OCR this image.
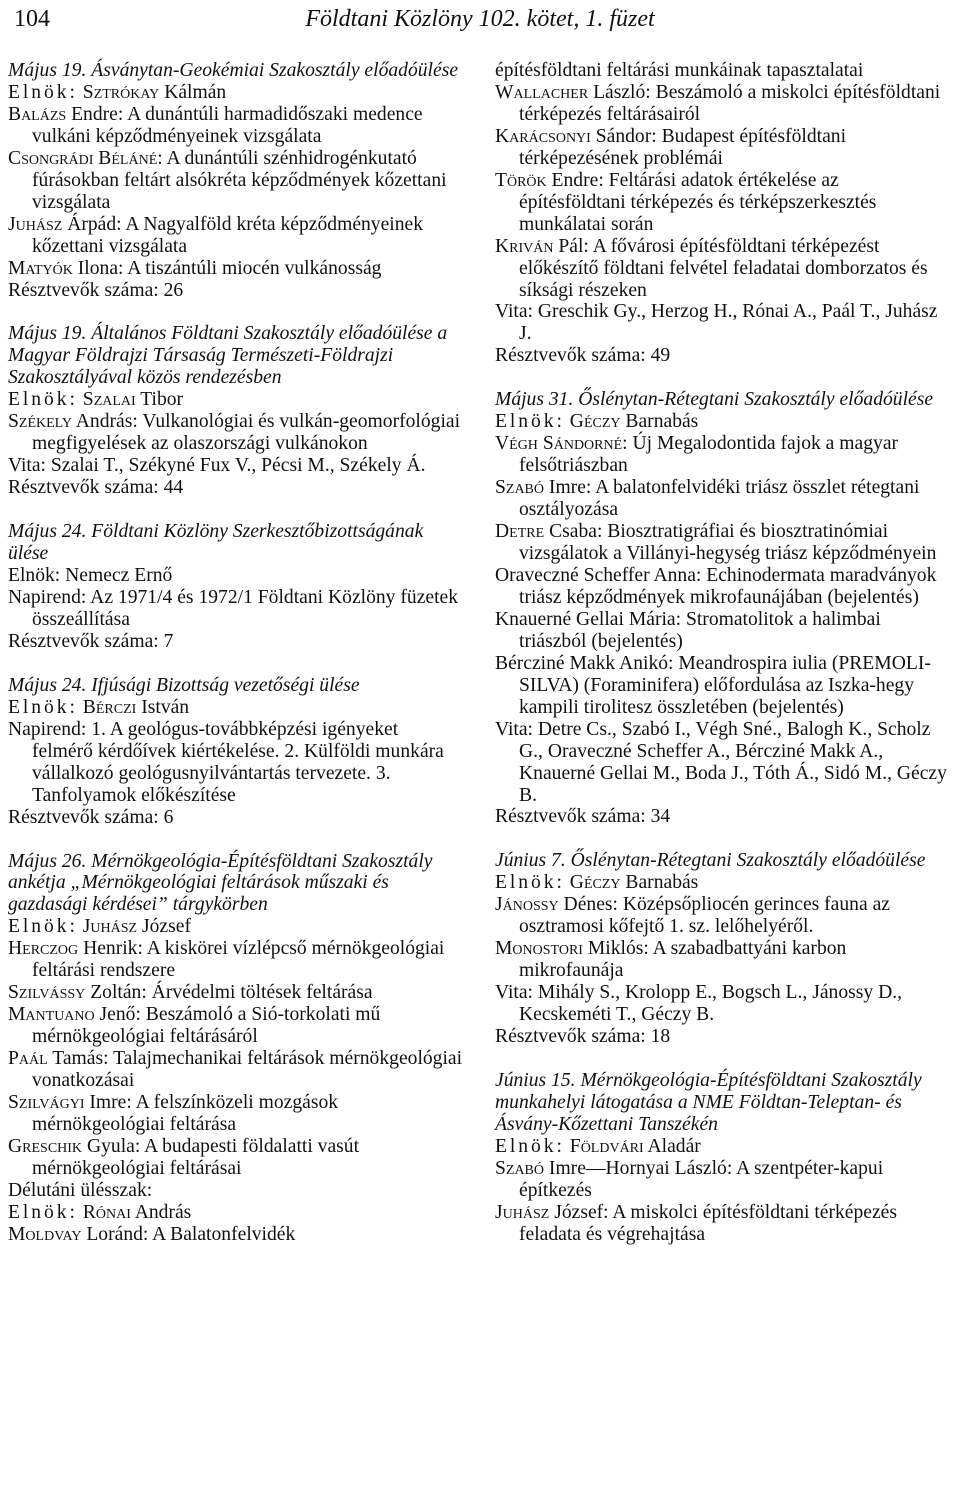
104	Földtani Közlöny 102. kötet, 1. füzet

Május 19. Ásványtan-Geokémiai Szakosztály előadóülése

Elnök: Sztrókay Kálmán

Balázs Endre: A dunántúli harmadidőszaki medence vulkáni képződményeinek vizsgálata

Csongrádi Béláné: A dunántúli szénhidrogénkutató fúrásokban feltárt alsókréta képződmények kőzettani vizsgálata

Juhász Árpád: A Nagyalföld kréta képződményeinek kőzettani vizsgálata

Matyók Ilona: A tiszántúli miocén vulkánosság

Résztvevők száma: 26

Május 19. Általános Földtani Szakosztály előadóülése a Magyar Földrajzi Társaság Természeti-Földrajzi Szakosztályával közös rendezésben

Elnök: Szalai Tibor

Székely András: Vulkanológiai és vulkán-geomorfológiai megfigyelések az olaszországi vulkánokon

Vita: Szalai T., Székyné Fux V., Pécsi M., Székely Á.

Résztvevők száma: 44

Május 24. Földtani Közlöny Szerkesztőbizottságának ülése

Elnök: Nemecz Ernő

Napirend: Az 1971/4 és 1972/1 Földtani Közlöny füzetek összeállítása

Résztvevők száma: 7

Május 24. Ifjúsági Bizottság vezetőségi ülése

Elnök: Bérczi István

Napirend: 1. A geológus-továbbképzési igényeket felmérő kérdőívek kiértékelése. 2. Külföldi munkára vállalkozó geológusnyilvántartás tervezete. 3. Tanfolyamok előkészítése

Résztvevők száma: 6

Május 26. Mérnökgeológia-Építésföldtani Szakosztály ankétja „Mérnökgeológiai feltárások műszaki és gazdasági kérdései” tárgykörben

Elnök: Juhász József

Herczog Henrik: A kiskörei vízlépcső mérnökgeológiai feltárási rendszere

Szilvássy Zoltán: Árvédelmi töltések feltárása

Mantuano Jenő: Beszámoló a Sió-torkolati mű mérnökgeológiai feltárásáról

Paál Tamás: Talajmechanikai feltárások mérnökgeológiai vonatkozásai

Szilvágyi Imre: A felszínközeli mozgások mérnökgeológiai feltárása

Greschik Gyula: A budapesti földalatti vasút mérnökgeológiai feltárásai

Délutáni ülésszak:

Elnök: Rónai András

Moldvay Loránd: A Balatonfelvidék

építésföldtani feltárási munkáinak tapasztalatai

Wallacher László: Beszámoló a miskolci építésföldtani térképezés feltárásairól

Karácsonyi Sándor: Budapest építésföldtani térképezésének problémái

Török Endre: Feltárási adatok értékelése az építésföldtani térképezés és térképszerkesztés munkálatai során

Kriván Pál: A fővárosi építésföldtani térképezést előkészítő földtani felvétel feladatai domborzatos és síksági részeken

Vita: Greschik Gy., Herzog H., Rónai A., Paál T., Juhász J.

Résztvevők száma: 49

Május 31. Őslénytan-Rétegtani Szakosztály előadóülése

Elnök: Géczy Barnabás

Végh Sándorné: Új Megalodontida fajok a magyar felsőtriászban

Szabó Imre: A balatonfelvidéki triász összlet rétegtani osztályozása

Detre Csaba: Biosztratigráfiai és biosztratinómiai vizsgálatok a Villányi-hegység triász képződményein

Oraveczné Scheffer Anna: Echinodermata maradványok triász képződmények mikrofaunájában (bejelentés)

Knauerné Gellai Mária: Stromatolitok a halimbai triászból (bejelentés)

Bércziné Makk Anikó: Meandrospira iulia (PREMOLI-SILVA) (Foraminifera) előfordulása az Iszka-hegy kampili tirolitesz összletében (bejelentés)

Vita: Detre Cs., Szabó I., Végh Sné., Balogh K., Scholz G., Oraveczné Scheffer A., Bércziné Makk A., Knauerné Gellai M., Boda J., Tóth Á., Sidó M., Géczy B.

Résztvevők száma: 34

Június 7. Őslénytan-Rétegtani Szakosztály előadóülése

Elnök: Géczy Barnabás

Jánossy Dénes: Középsőpliocén gerinces fauna az osztramosi kőfejtő 1. sz. lelőhelyéről.

Monostori Miklós: A szabadbattyáni karbon mikrofaunája

Vita: Mihály S., Krolopp E., Bogsch L., Jánossy D., Kecskeméti T., Géczy B.

Résztvevők száma: 18

Június 15. Mérnökgeológia-Építésföldtani Szakosztály munkahelyi látogatása a NME Földtan-Teleptan- és Ásvány-Kőzettani Tanszékén

Elnök: Földvári Aladár

Szabó Imre—Hornyai László: A szentpéter-kapui építkezés

Juhász József: A miskolci építésföldtani térképezés feladata és végrehajtása
